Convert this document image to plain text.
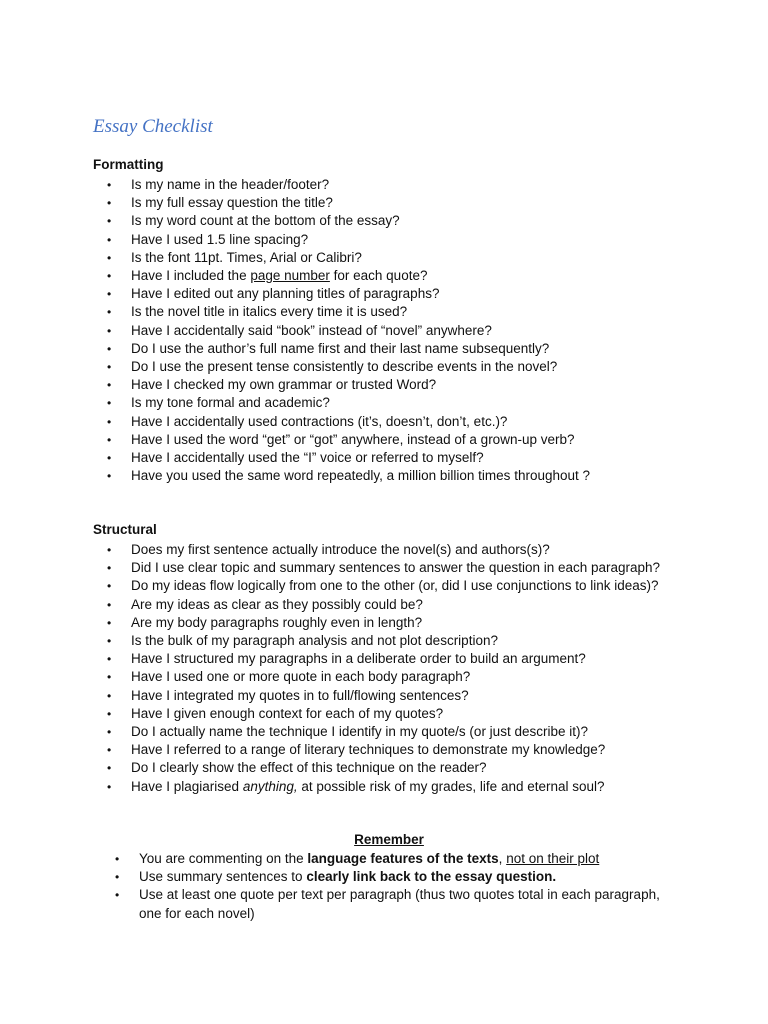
Essay Checklist
Formatting
• Is my name in the header/footer?
• Is my full essay question the title?
• Is my word count at the bottom of the essay?
• Have I used 1.5 line spacing?
• Is the font 11pt. Times, Arial or Calibri?
• Have I included the page number for each quote?
• Have I edited out any planning titles of paragraphs?
• Is the novel title in italics every time it is used?
• Have I accidentally said “book” instead of “novel” anywhere?
• Do I use the author’s full name first and their last name subsequently?
• Do I use the present tense consistently to describe events in the novel?
• Have I checked my own grammar or trusted Word?
• Is my tone formal and academic?
• Have I accidentally used contractions (it’s, doesn’t, don’t, etc.)?
• Have I used the word “get” or “got” anywhere, instead of a grown-up verb?
• Have I accidentally used the “I” voice or referred to myself?
• Have you used the same word repeatedly, a million billion times throughout ?
Structural
• Does my first sentence actually introduce the novel(s) and authors(s)?
• Did I use clear topic and summary sentences to answer the question in each paragraph?
• Do my ideas flow logically from one to the other (or, did I use conjunctions to link ideas)?
• Are my ideas as clear as they possibly could be?
• Are my body paragraphs roughly even in length?
• Is the bulk of my paragraph analysis and not plot description?
• Have I structured my paragraphs in a deliberate order to build an argument?
• Have I used one or more quote in each body paragraph?
• Have I integrated my quotes in to full/flowing sentences?
• Have I given enough context for each of my quotes?
• Do I actually name the technique I identify in my quote/s (or just describe it)?
• Have I referred to a range of literary techniques to demonstrate my knowledge?
• Do I clearly show the effect of this technique on the reader?
• Have I plagiarised anything, at possible risk of my grades, life and eternal soul?
Remember
• You are commenting on the language features of the texts, not on their plot
• Use summary sentences to clearly link back to the essay question.
• Use at least one quote per text per paragraph (thus two quotes total in each paragraph, one for each novel)
